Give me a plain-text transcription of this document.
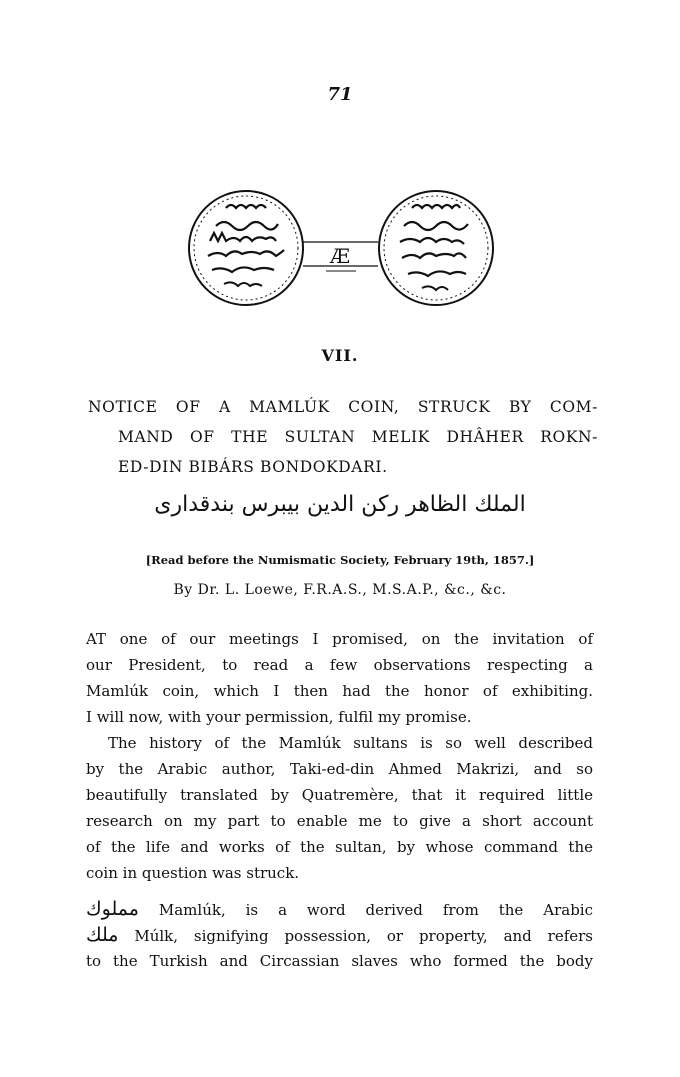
71
Æ
VII.
NOTICE OF A MAMLÚK COIN, STRUCK BY COM-
MAND OF THE SULTAN MELIK DHÂHER ROKN-
ED-DIN BIBÁRS BONDOKDARI.
الملك الظاهر ركن الدين بيبرس بندقداری
[Read before the Numismatic Society, February 19th, 1857.]
By Dr. L. Loewe, F.R.A.S., M.S.A.P., &c., &c.
AT one of our meetings I promised, on the invitation of
our President, to read a few observations respecting a
Mamlúk coin, which I then had the honor of exhibiting.
I will now, with your permission, fulfil my promise.
The history of the Mamlúk sultans is so well described
by the Arabic author, Taki-ed-din Ahmed Makrizi, and so
beautifully translated by Quatremère, that it required little
research on my part to enable me to give a short account
of the life and works of the sultan, by whose command the
coin in question was struck.
مملوك Mamlúk, is a word derived from the Arabic
ملك Múlk, signifying possession, or property, and refers
to the Turkish and Circassian slaves who formed the body
